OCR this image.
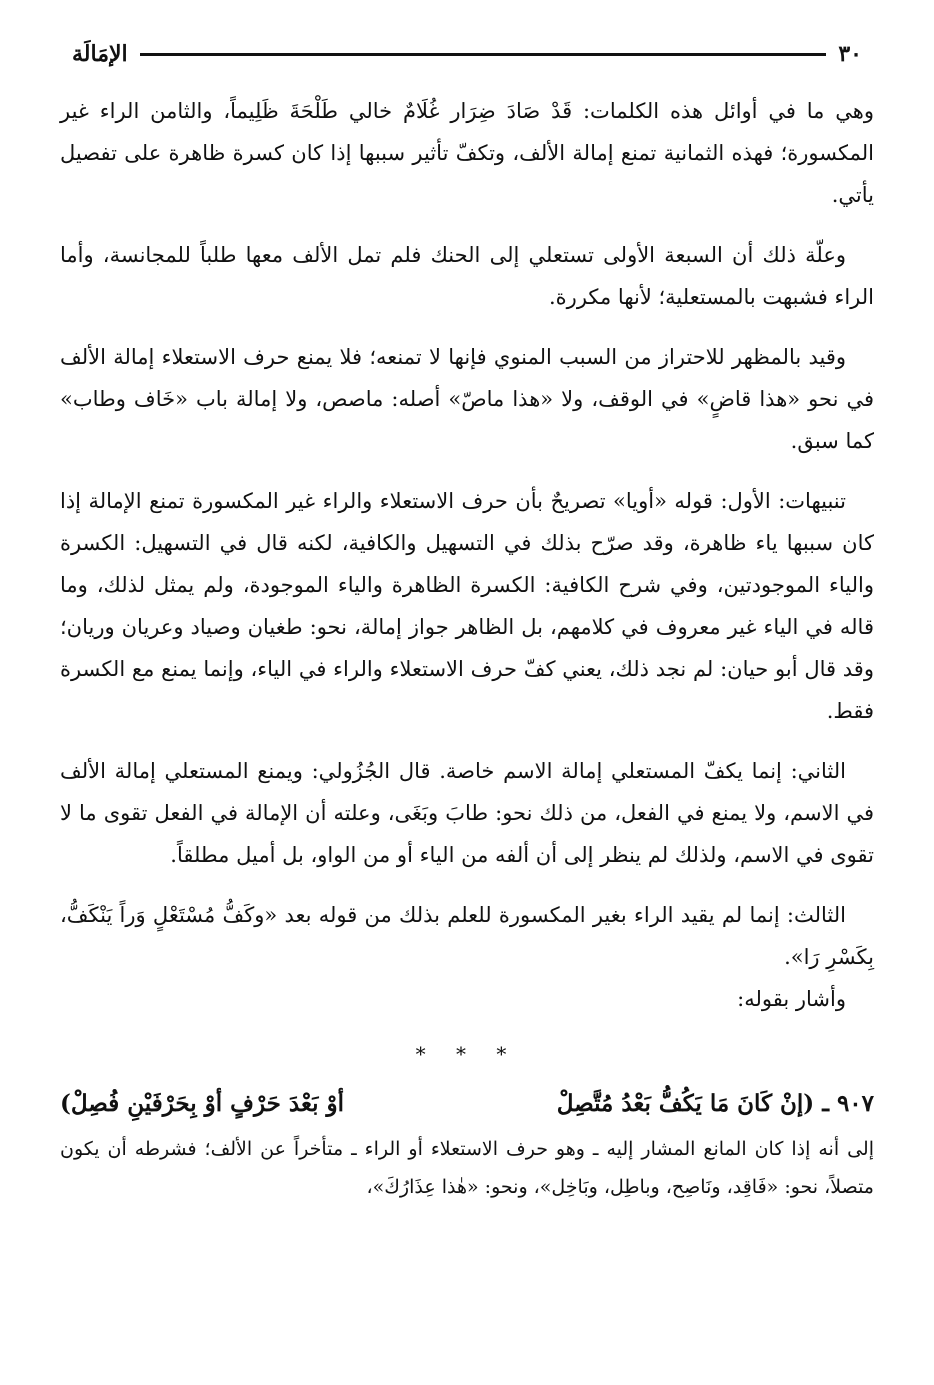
٣٠
الإمَالَة

وهي ما في أوائل هذه الكلمات: قَدْ صَادَ ضِرَار غُلَامٌ خالي طَلْحَةَ ظَلِيماً، والثامن الراء غير المكسورة؛ فهذه الثمانية تمنع إمالة الألف، وتكفّ تأثير سببها إذا كان كسرة ظاهرة على تفصيل يأتي.

وعلّة ذلك أن السبعة الأولى تستعلي إلى الحنك فلم تمل الألف معها طلباً للمجانسة، وأما الراء فشبهت بالمستعلية؛ لأنها مكررة.

وقيد بالمظهر للاحتراز من السبب المنوي فإنها لا تمنعه؛ فلا يمنع حرف الاستعلاء إمالة الألف في نحو «هذا قاضٍ» في الوقف، ولا «هذا ماصّ» أصله: ماصص، ولا إمالة باب «خَاف وطاب» كما سبق.

تنبيهات: الأول: قوله «أويا» تصريحٌ بأن حرف الاستعلاء والراء غير المكسورة تمنع الإمالة إذا كان سببها ياء ظاهرة، وقد صرّح بذلك في التسهيل والكافية، لكنه قال في التسهيل: الكسرة والياء الموجودتين، وفي شرح الكافية: الكسرة الظاهرة والياء الموجودة، ولم يمثل لذلك، وما قاله في الياء غير معروف في كلامهم، بل الظاهر جواز إمالة، نحو: طغيان وصياد وعريان وريان؛ وقد قال أبو حيان: لم نجد ذلك، يعني كفّ حرف الاستعلاء والراء في الياء، وإنما يمنع مع الكسرة فقط.

الثاني: إنما يكفّ المستعلي إمالة الاسم خاصة. قال الجُزُولي: ويمنع المستعلي إمالة الألف في الاسم، ولا يمنع في الفعل، من ذلك نحو: طابَ وبَغَى، وعلته أن الإمالة في الفعل تقوى ما لا تقوى في الاسم، ولذلك لم ينظر إلى أن ألفه من الياء أو من الواو، بل أميل مطلقاً.

الثالث: إنما لم يقيد الراء بغير المكسورة للعلم بذلك من قوله بعد «وكَفُّ مُسْتَعْلٍ وَراً يَنْكَفُّ، بِكَسْرِ رَا».

وأشار بقوله:

* * *
٩٠٧ ـ
(إنْ كَانَ مَا يَكُفُّ بَعْدُ مُتَّصِلْ
أوْ بَعْدَ حَرْفٍ أوْ بِحَرْفَيْنِ فُصِلْ)

إلى أنه إذا كان المانع المشار إليه ـ وهو حرف الاستعلاء أو الراء ـ متأخراً عن الألف؛ فشرطه أن يكون متصلاً، نحو: «فَاقِد، ونَاصِح، وباطِل، وبَاخِل»، ونحو: «هٰذا عِذَارُكَ»،
